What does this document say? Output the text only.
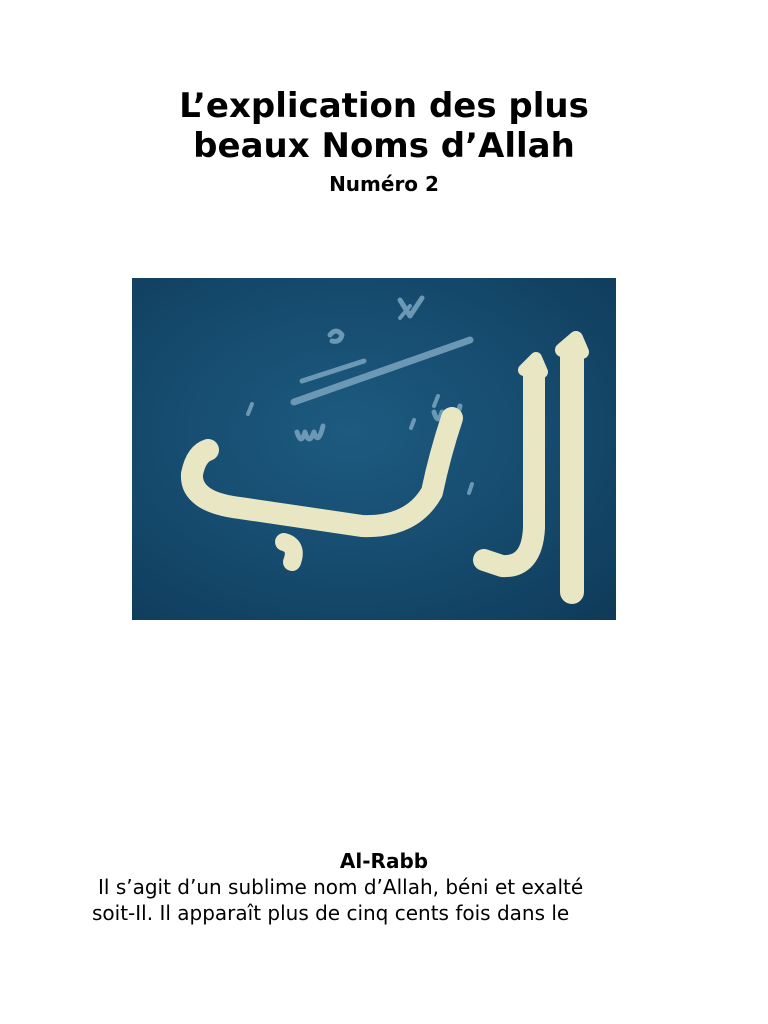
L’explication des plus
beaux Noms d’Allah
Numéro 2
Al-Rabb

Il s’agit d’un sublime nom d’Allah, béni et exalté
soit-Il. Il apparaît plus de cinq cents fois dans le
